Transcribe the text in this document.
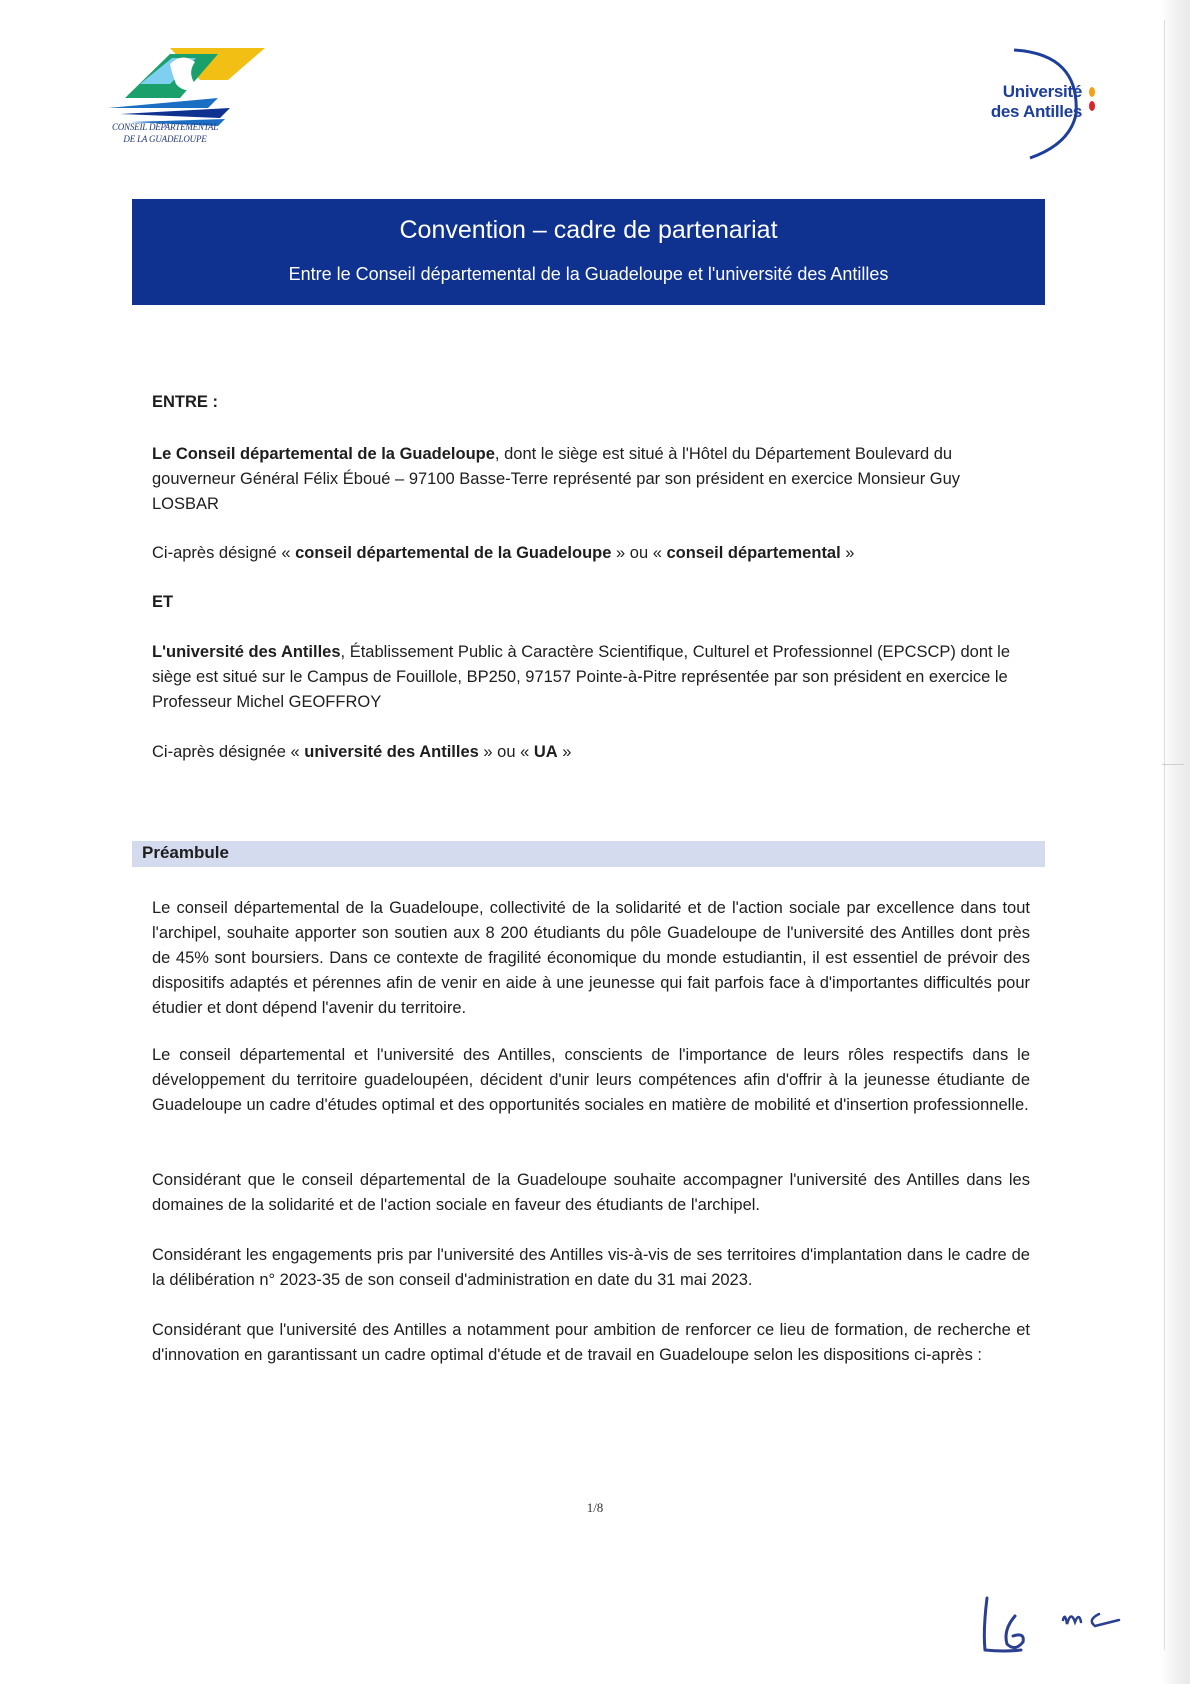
CONSEIL DÉPARTEMENTAL
DE LA GUADELOUPE
Université
des Antilles
Convention – cadre de partenariat
Entre le Conseil départemental de la Guadeloupe et l'université des Antilles
ENTRE :
Le Conseil départemental de la Guadeloupe, dont le siège est situé à l'Hôtel du Département Boulevard du gouverneur Général Félix Éboué – 97100 Basse-Terre représenté par son président en exercice Monsieur Guy LOSBAR
Ci-après désigné « conseil départemental de la Guadeloupe » ou « conseil départemental »
ET
L'université des Antilles, Établissement Public à Caractère Scientifique, Culturel et Professionnel (EPCSCP) dont le siège est situé sur le Campus de Fouillole, BP250, 97157 Pointe-à-Pitre représentée par son président en exercice le Professeur Michel GEOFFROY
Ci-après désignée « université des Antilles » ou « UA »
Préambule
Le conseil départemental de la Guadeloupe, collectivité de la solidarité et de l'action sociale par excellence dans tout l'archipel, souhaite apporter son soutien aux 8 200 étudiants du pôle Guadeloupe de l'université des Antilles dont près de 45% sont boursiers. Dans ce contexte de fragilité économique du monde estudiantin, il est essentiel de prévoir des dispositifs adaptés et pérennes afin de venir en aide à une jeunesse qui fait parfois face à d'importantes difficultés pour étudier et dont dépend l'avenir du territoire.
Le conseil départemental et l'université des Antilles, conscients de l'importance de leurs rôles respectifs dans le développement du territoire guadeloupéen, décident d'unir leurs compétences afin d'offrir à la jeunesse étudiante de Guadeloupe un cadre d'études optimal et des opportunités sociales en matière de mobilité et d'insertion professionnelle.
Considérant que le conseil départemental de la Guadeloupe souhaite accompagner l'université des Antilles dans les domaines de la solidarité et de l'action sociale en faveur des étudiants de l'archipel.
Considérant les engagements pris par l'université des Antilles vis-à-vis de ses territoires d'implantation dans le cadre de la délibération n° 2023-35 de son conseil d'administration en date du 31 mai 2023.
Considérant que l'université des Antilles a notamment pour ambition de renforcer ce lieu de formation, de recherche et d'innovation en garantissant un cadre optimal d'étude et de travail en Guadeloupe selon les dispositions ci-après :
1/8
